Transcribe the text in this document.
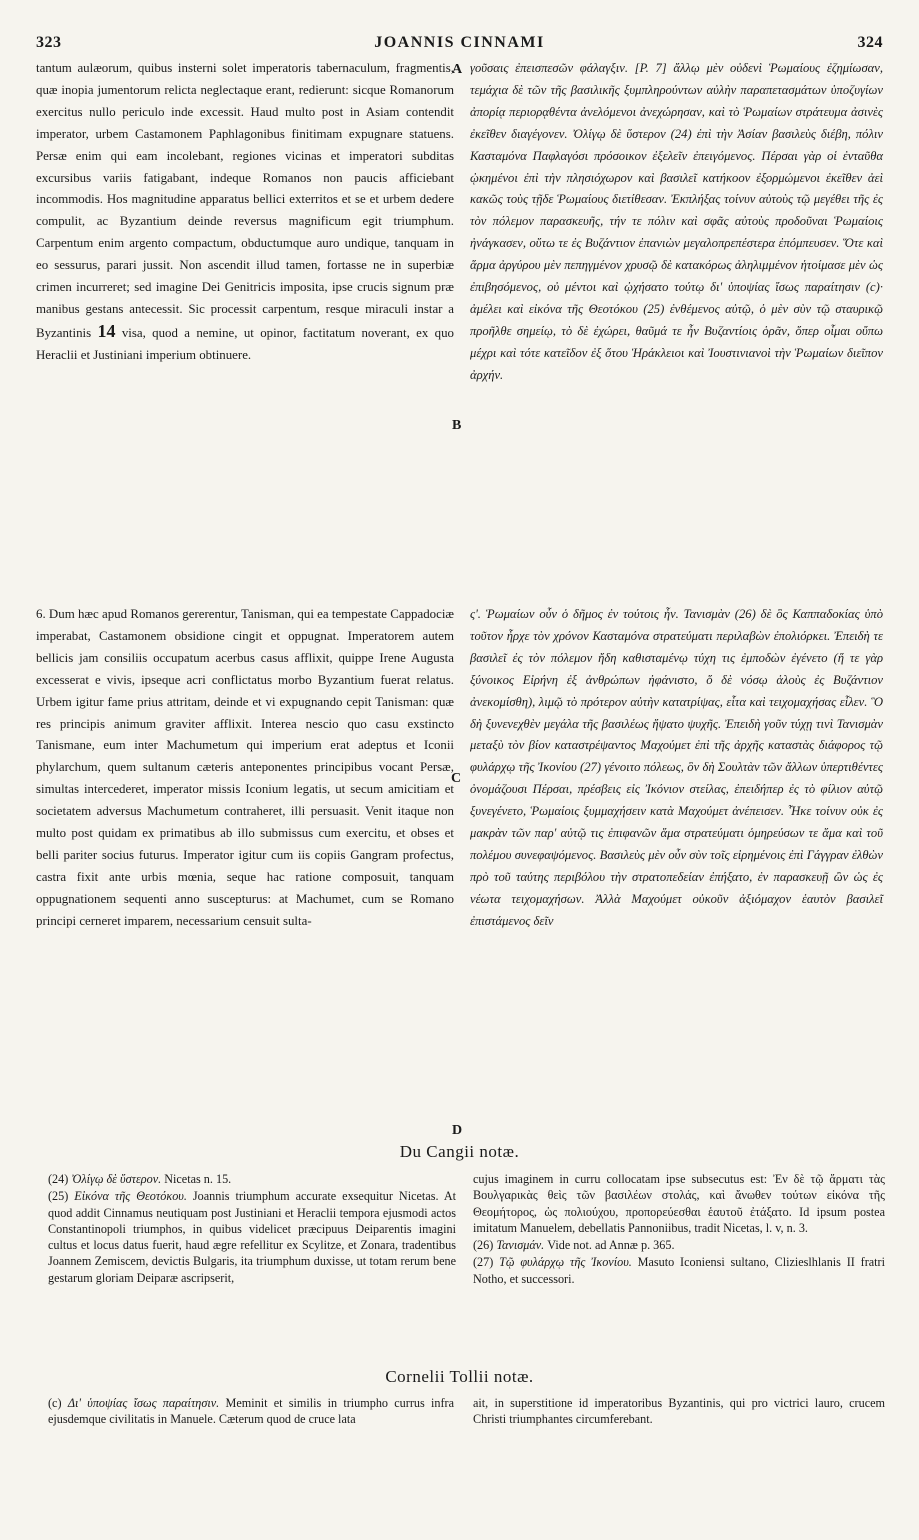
323	JOANNIS CINNAMI	324

tantum aulæorum, quibus insterni solet imperatoris tabernaculum, fragmentis, quæ inopia jumentorum relicta neglectaque erant, redierunt: sicque Romanorum exercitus nullo periculo inde excessit. Haud multo post in Asiam contendit imperator, urbem Castamonem Paphlagonibus finitimam expugnare statuens. Persæ enim qui eam incolebant, regiones vicinas et imperatori subditas excursibus variis fatigabant, indeque Romanos non paucis afficiebant incommodis. Hos magnitudine apparatus bellici exterritos et se et urbem dedere compulit, ac Byzantium deinde reversus magnificum egit triumphum. Carpentum enim argento compactum, obductumque auro undique, tanquam in eo sessurus, parari jussit. Non ascendit illud tamen, fortasse ne in superbiæ crimen incurreret; sed imagine Dei Genitricis imposita, ipse crucis signum præ manibus gestans antecessit. Sic processit carpentum, resque miraculi instar a Byzantinis 14 visa, quod a nemine, ut opinor, factitatum noverant, ex quo Heraclii et Justiniani imperium obtinuere.

γοῦσαις ἐπεισπεσῶν φάλαγξιν. [P. 7] ἄλλῳ μὲν οὐδενὶ Ῥωμαίους ἐζημίωσαν, τεμάχια δὲ τῶν τῆς βασιλικῆς ξυμπληρούντων αὐλὴν παραπετασμάτων ὑποζυγίων ἀπορίᾳ περιορᾳθέντα ἀνελόμενοι ἀνεχώρησαν, καὶ τὸ Ῥωμαίων στράτευμα ἀσινὲς ἐκεῖθεν διαγέγονεν. Ὀλίγῳ δὲ ὕστερον (24) ἐπὶ τὴν Ἀσίαν βασιλεὺς διέβη, πόλιν Κασταμόνα Παφλαγόσι πρόσοικον ἐξελεῖν ἐπειγόμενος. Πέρσαι γὰρ οἱ ἐνταῦθα ᾠκημένοι ἐπὶ τὴν πλησιόχωρον καὶ βασιλεῖ κατήκοον ἐξορμώμενοι ἐκεῖθεν ἀεὶ κακῶς τοὺς τῇδε Ῥωμαίους διετίθεσαν. Ἐκπλήξας τοίνυν αὐτοὺς τῷ μεγέθει τῆς ἐς τὸν πόλεμον παρασκευῆς, τήν τε πόλιν καὶ σφᾶς αὐτοὺς προδοῦναι Ῥωμαίοις ἠνάγκασεν, οὕτω τε ἐς Βυζάντιον ἐπανιὼν μεγαλοπρεπέστερα ἐπόμπευσεν. Ὅτε καὶ ἅρμα ἀργύρου μὲν πεπηγμένον χρυσῷ δὲ κατακόρως ἀληλιμμένον ἡτοίμασε μὲν ὡς ἐπιβησόμενος, οὐ μέντοι καὶ ᾠχήσατο τούτῳ δι' ὑποψίας ἴσως παραίτησιν (c)· ἀμέλει καὶ εἰκόνα τῆς Θεοτόκου (25) ἐνθέμενος αὐτῷ, ὁ μὲν σὺν τῷ σταυρικῷ προῆλθε σημείῳ, τὸ δὲ ἐχώρει, θαῦμά τε ἦν Βυζαντίοις ὁρᾶν, ὅπερ οἶμαι οὔπω μέχρι καὶ τότε κατεῖδον ἐξ ὅτου Ἡράκλειοι καὶ Ἰουστινιανοὶ τὴν Ῥωμαίων διεῖπον ἀρχήν.

6. Dum hæc apud Romanos gererentur, Tanisman, qui ea tempestate Cappadociæ imperabat, Castamonem obsidione cingit et oppugnat. Imperatorem autem bellicis jam consiliis occupatum acerbus casus afflixit, quippe Irene Augusta excesserat e vivis, ipseque acri conflictatus morbo Byzantium fuerat relatus. Urbem igitur fame prius attritam, deinde et vi expugnando cepit Tanisman: quæ res principis animum graviter afflixit. Interea nescio quo casu exstincto Tanismane, eum inter Machumetum qui imperium erat adeptus et Iconii phylarchum, quem sultanum cæteris anteponentes principibus vocant Persæ, simultas intercederet, imperator missis Iconium legatis, ut secum amicitiam et societatem adversus Machumetum contraheret, illi persuasit. Venit itaque non multo post quidam ex primatibus ab illo submissus cum exercitu, et obses et belli pariter socius futurus. Imperator igitur cum iis copiis Gangram profectus, castra fixit ante urbis mœnia, seque hac ratione composuit, tanquam oppugnationem sequenti anno suscepturus: at Machumet, cum se Romano principi cerneret imparem, necessarium censuit sulta-

ς'. Ῥωμαίων οὖν ὁ δῆμος ἐν τούτοις ἦν. Τανισμὰν (26) δὲ ὃς Καππαδοκίας ὑπὸ τοῦτον ἦρχε τὸν χρόνον Κασταμόνα στρατεύματι περιλαβὼν ἐπολιόρκει. Ἐπειδὴ τε βασιλεῖ ἐς τὸν πόλεμον ἤδη καθισταμένῳ τύχη τις ἐμποδὼν ἐγένετο (ἥ τε γὰρ ξύνοικος Εἰρήνη ἐξ ἀνθρώπων ἠφάνιστο, ὅ δὲ νόσῳ ἁλοὺς ἐς Βυζάντιον ἀνεκομίσθη), λιμῷ τὸ πρότερον αὐτὴν κατατρίψας, εἶτα καὶ τειχομαχήσας εἷλεν. Ὃ δὴ ξυνενεχθὲν μεγάλα τῆς βασιλέως ἥψατο ψυχῆς. Ἐπειδὴ γοῦν τύχῃ τινὶ Τανισμὰν μεταξὺ τὸν βίον καταστρέψαντος Μαχούμετ ἐπὶ τῆς ἀρχῆς καταστὰς διάφορος τῷ φυλάρχῳ τῆς Ἰκονίου (27) γένοιτο πόλεως, ὃν δὴ Σουλτὰν τῶν ἄλλων ὑπερτιθέντες ὀνομάζουσι Πέρσαι, πρέσβεις εἰς Ἰκόνιον στείλας, ἐπειδήπερ ἐς τὸ φίλιον αὐτῷ ξυνεγένετο, Ῥωμαίοις ξυμμαχήσειν κατὰ Μαχούμετ ἀνέπεισεν. Ἧκε τοίνυν οὐκ ἐς μακρὰν τῶν παρ' αὐτῷ τις ἐπιφανῶν ἅμα στρατεύματι ὁμηρεύσων τε ἅμα καὶ τοῦ πολέμου συνεφαψόμενος. Βασιλεὺς μὲν οὖν σὺν τοῖς εἰρημένοις ἐπὶ Γάγγραν ἐλθὼν πρὸ τοῦ ταύτης περιβόλου τὴν στρατοπεδείαν ἐπήξατο, ἐν παρασκευῇ ὢν ὡς ἐς νέωτα τειχομαχήσων. Ἀλλὰ Μαχούμετ οὐκοῦν ἀξιόμαχον ἑαυτὸν βασιλεῖ ἐπιστάμενος δεῖν

A
B
C
D
Du Cangii notæ.

(24) Ὀλίγῳ δὲ ὕστερον. Nicetas n. 15.

(25) Εἰκόνα τῆς Θεοτόκου. Joannis triumphum accurate exsequitur Nicetas. At quod addit Cinnamus neutiquam post Justiniani et Heraclii tempora ejusmodi actos Constantinopoli triumphos, in quibus videlicet præcipuus Deiparentis imagini cultus et locus datus fuerit, haud ægre refellitur ex Scylitze, et Zonara, tradentibus Joannem Zemiscem, devictis Bulgaris, ita triumphum duxisse, ut totam rerum bene gestarum gloriam Deiparæ ascripserit,

cujus imaginem in curru collocatam ipse subsecutus est: Ἐν δὲ τῷ ἅρματι τὰς Βουλγαρικὰς θεὶς τῶν βασιλέων στολάς, καὶ ἄνωθεν τούτων εἰκόνα τῆς Θεομήτορος, ὡς πολιούχου, προπορεύεσθαι ἑαυτοῦ ἐτάξατο. Id ipsum postea imitatum Manuelem, debellatis Pannoniibus, tradit Nicetas, l. v, n. 3.

(26) Τανισμάν. Vide not. ad Annæ p. 365.

(27) Τῷ φυλάρχῳ τῆς Ἰκονίου. Masuto Iconiensi sultano, Clizieslhlanis II fratri Notho, et successori.

Cornelii Tollii notæ.

(c) Δι' ὑποψίας ἴσως παραίτησιν. Meminit et similis in triumpho currus infra ejusdemque civilitatis in Manuele. Cæterum quod de cruce lata

ait, in superstitione id imperatoribus Byzantinis, qui pro victrici lauro, crucem Christi triumphantes circumferebant.
